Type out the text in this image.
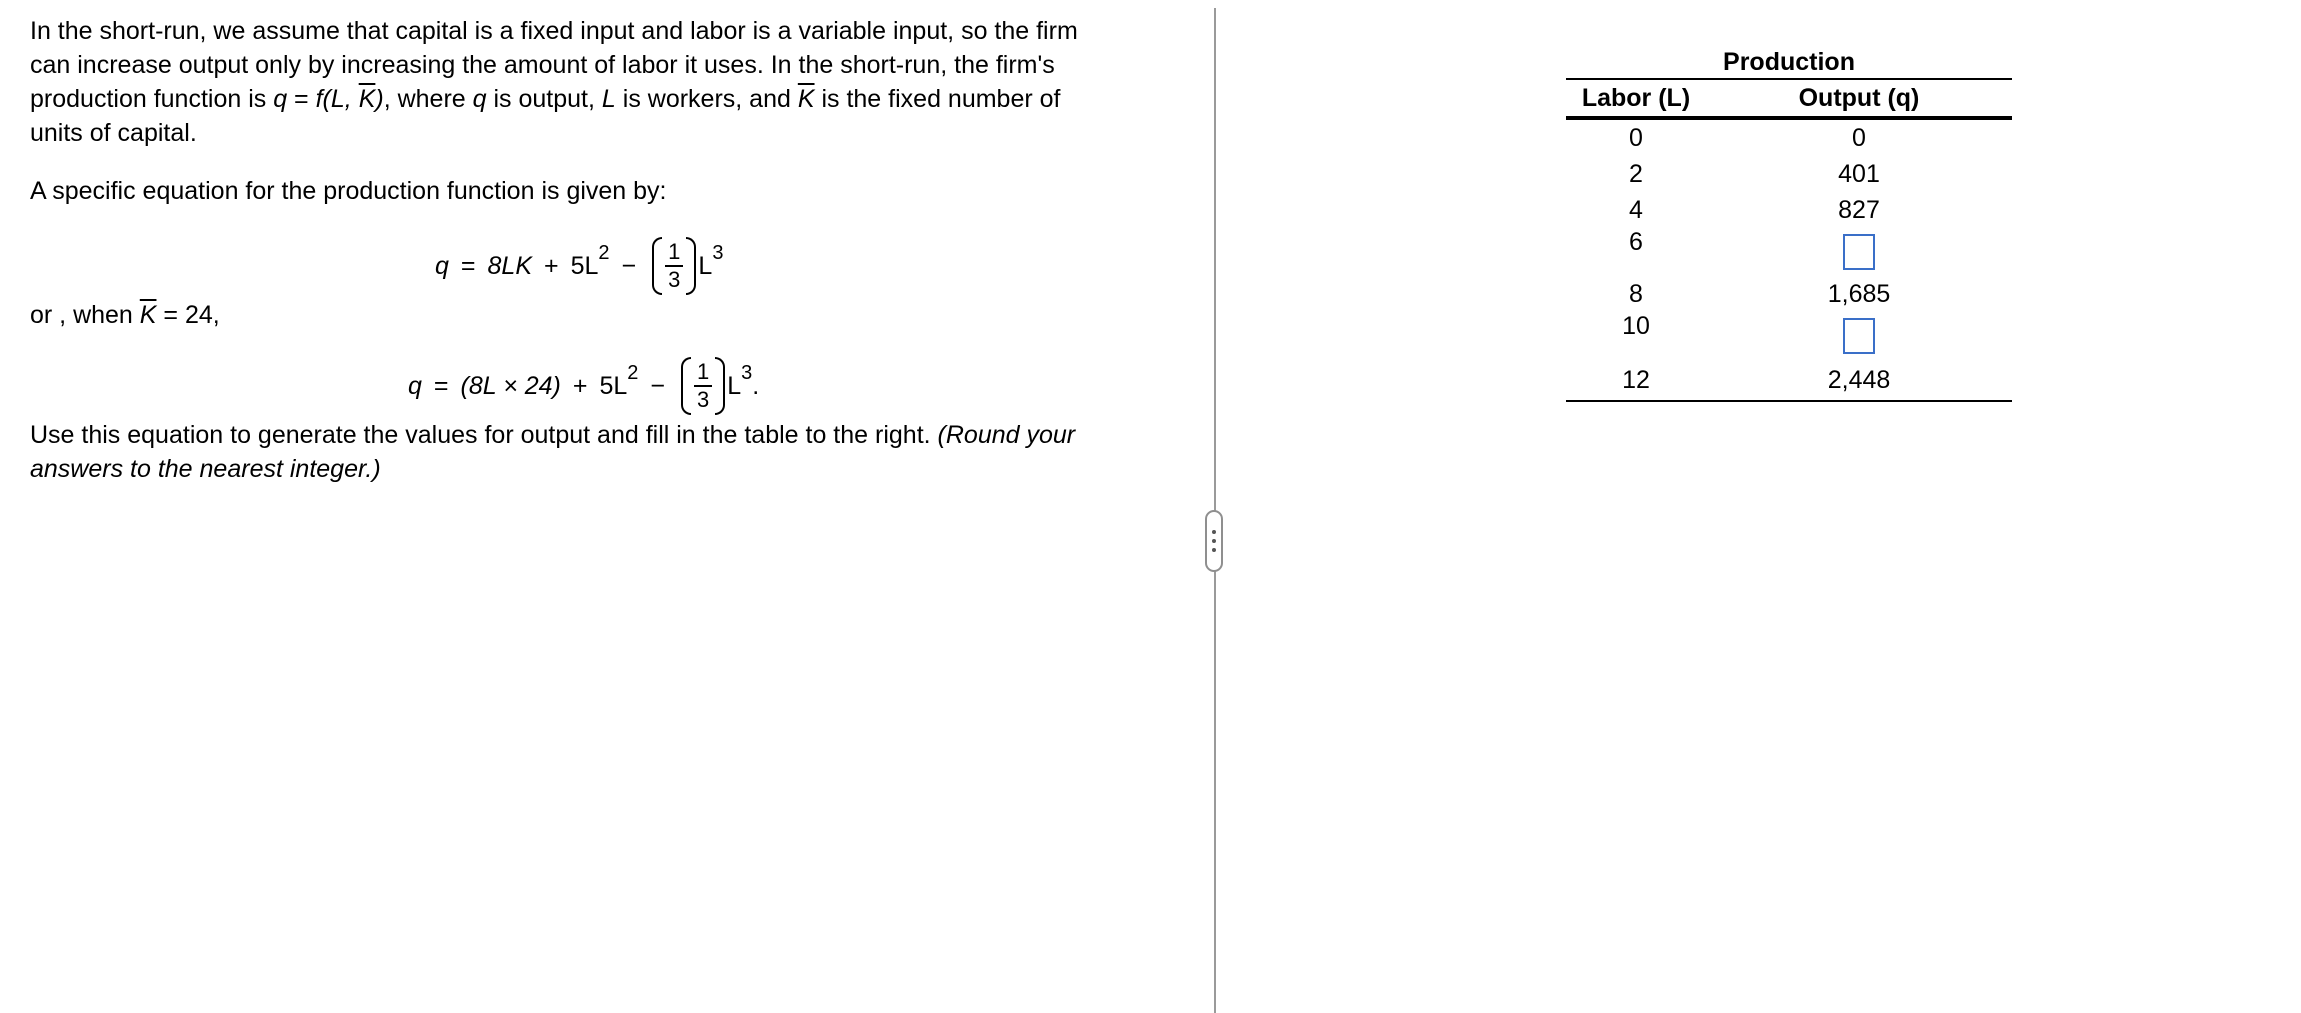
In the short-run, we assume that capital is a fixed input and labor is a variable input, so the firm
can increase output only by increasing the amount of labor it uses. In the short-run, the firm's
production function is q = f(L, $\overline{K}$), where q is output, L is workers, and $\overline{K}$ is the fixed number of
units of capital.

A specific equation for the production function is given by:

q = 8LK + 5L $2 - \frac{1}{3}$ L 3

or , when $\overline{K} = 24$,

q = (8L × 24) + 5L $2 - \frac{1}{3}$ L 3 .

Use this equation to generate the values for output and fill in the table to the right. (Round your
answers to the nearest integer.)

Production
Labor (L)	Output (q)
0	0
2	401
4	827
6	
8	1,685
10	
12	2,448
